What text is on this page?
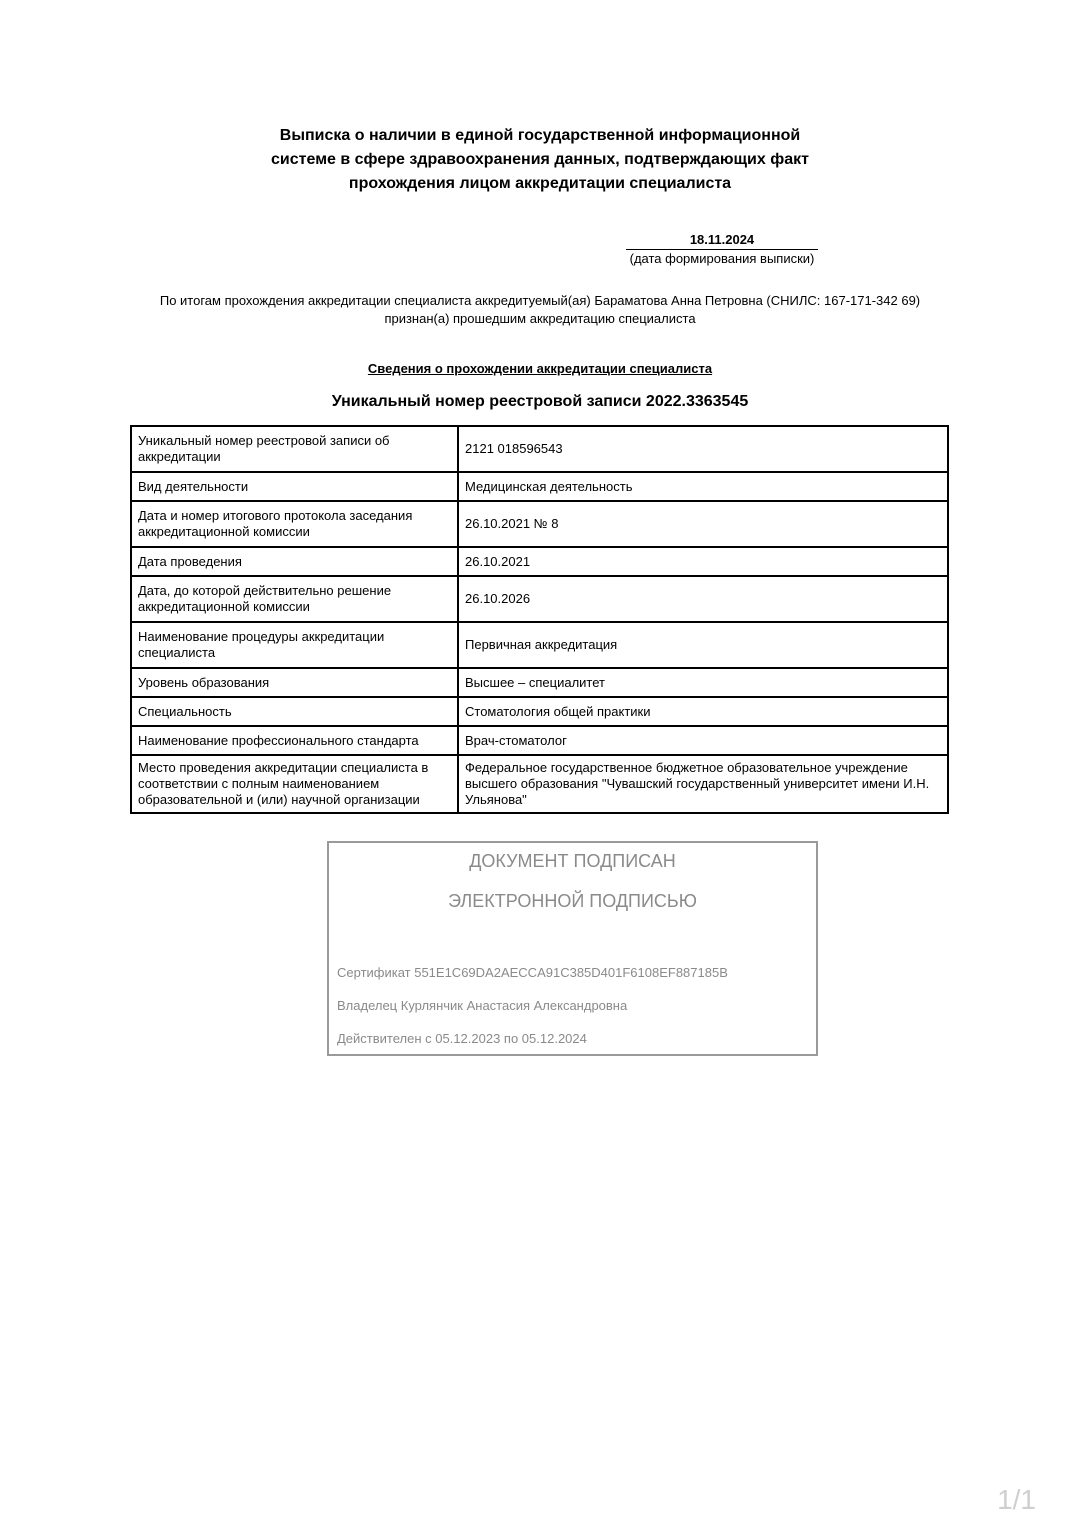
Выписка о наличии в единой государственной информационной
системе в сфере здравоохранения данных, подтверждающих факт
прохождения лицом аккредитации специалиста
18.11.2024
(дата формирования выписки)
По итогам прохождения аккредитации специалиста аккредитуемый(ая) Бараматова Анна Петровна (СНИЛС: 167-171-342 69)
признан(а) прошедшим аккредитацию специалиста
Сведения о прохождении аккредитации специалиста
Уникальный номер реестровой записи 2022.3363545
Уникальный номер реестровой записи об аккредитации	2121 018596543
Вид деятельности	Медицинская деятельность
Дата и номер итогового протокола заседания аккредитационной комиссии	26.10.2021 № 8
Дата проведения	26.10.2021
Дата, до которой действительно решение аккредитационной комиссии	26.10.2026
Наименование процедуры аккредитации специалиста	Первичная аккредитация
Уровень образования	Высшее – специалитет
Специальность	Стоматология общей практики
Наименование профессионального стандарта	Врач-стоматолог
Место проведения аккредитации специалиста в соответствии с полным наименованием образовательной и (или) научной организации	Федеральное государственное бюджетное образовательное учреждение высшего образования "Чувашский государственный университет имени И.Н. Ульянова"
ДОКУМЕНТ ПОДПИСАН
ЭЛЕКТРОННОЙ ПОДПИСЬЮ
Сертификат 551E1C69DA2AECCA91C385D401F6108EF887185B
Владелец Курлянчик Анастасия Александровна
Действителен с 05.12.2023 по 05.12.2024
1/1
